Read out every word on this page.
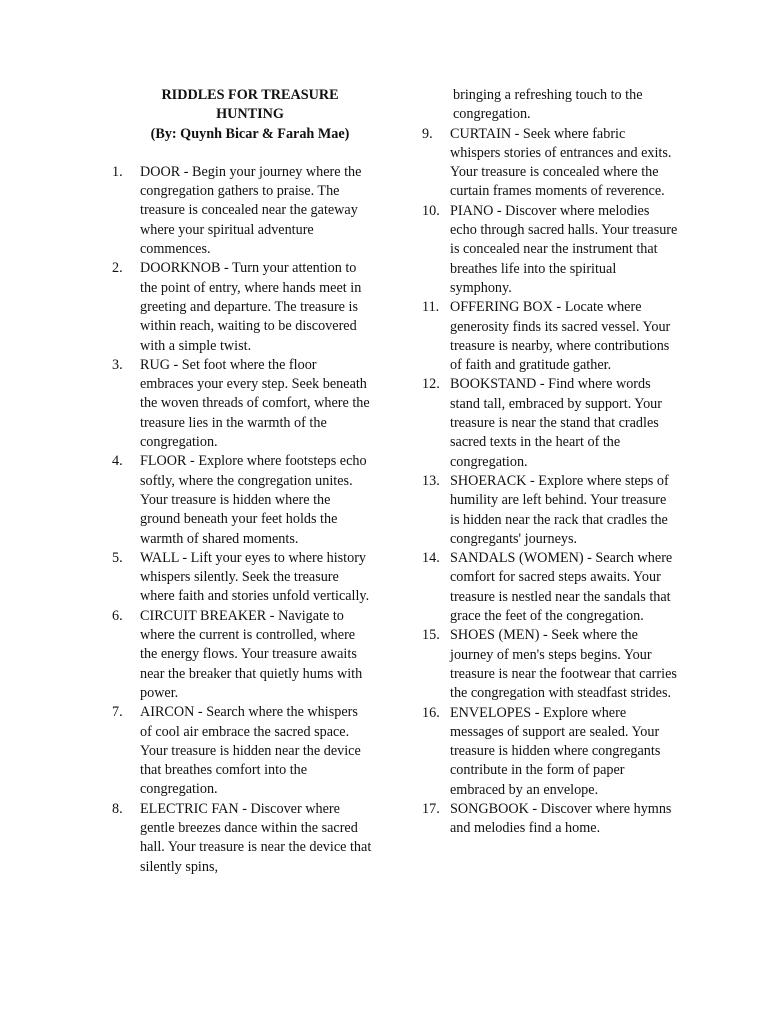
RIDDLES FOR TREASURE
HUNTING
(By: Quynh Bicar & Farah Mae)
1.	DOOR - Begin your journey where the congregation gathers to praise. The treasure is concealed near the gateway where your spiritual adventure commences.
2.	DOORKNOB - Turn your attention to the point of entry, where hands meet in greeting and departure. The treasure is within reach, waiting to be discovered with a simple twist.
3.	RUG - Set foot where the floor embraces your every step. Seek beneath the woven threads of comfort, where the treasure lies in the warmth of the congregation.
4.	FLOOR - Explore where footsteps echo softly, where the congregation unites. Your treasure is hidden where the ground beneath your feet holds the warmth of shared moments.
5.	WALL - Lift your eyes to where history whispers silently. Seek the treasure where faith and stories unfold vertically.
6.	CIRCUIT BREAKER - Navigate to where the current is controlled, where the energy flows. Your treasure awaits near the breaker that quietly hums with power.
7.	AIRCON - Search where the whispers of cool air embrace the sacred space. Your treasure is hidden near the device that breathes comfort into the congregation.
8.	ELECTRIC FAN - Discover where gentle breezes dance within the sacred hall. Your treasure is near the device that silently spins,
bringing a refreshing touch to the congregation.
9.	CURTAIN - Seek where fabric whispers stories of entrances and exits. Your treasure is concealed where the curtain frames moments of reverence.
10. PIANO - Discover where melodies echo through sacred halls. Your treasure is concealed near the instrument that breathes life into the spiritual symphony.
11. OFFERING BOX - Locate where generosity finds its sacred vessel. Your treasure is nearby, where contributions of faith and gratitude gather.
12. BOOKSTAND - Find where words stand tall, embraced by support. Your treasure is near the stand that cradles sacred texts in the heart of the congregation.
13. SHOERACK - Explore where steps of humility are left behind. Your treasure is hidden near the rack that cradles the congregants' journeys.
14. SANDALS (WOMEN) - Search where comfort for sacred steps awaits. Your treasure is nestled near the sandals that grace the feet of the congregation.
15. SHOES (MEN) - Seek where the journey of men's steps begins. Your treasure is near the footwear that carries the congregation with steadfast strides.
16. ENVELOPES - Explore where messages of support are sealed. Your treasure is hidden where congregants contribute in the form of paper embraced by an envelope.
17. SONGBOOK - Discover where hymns and melodies find a home.
